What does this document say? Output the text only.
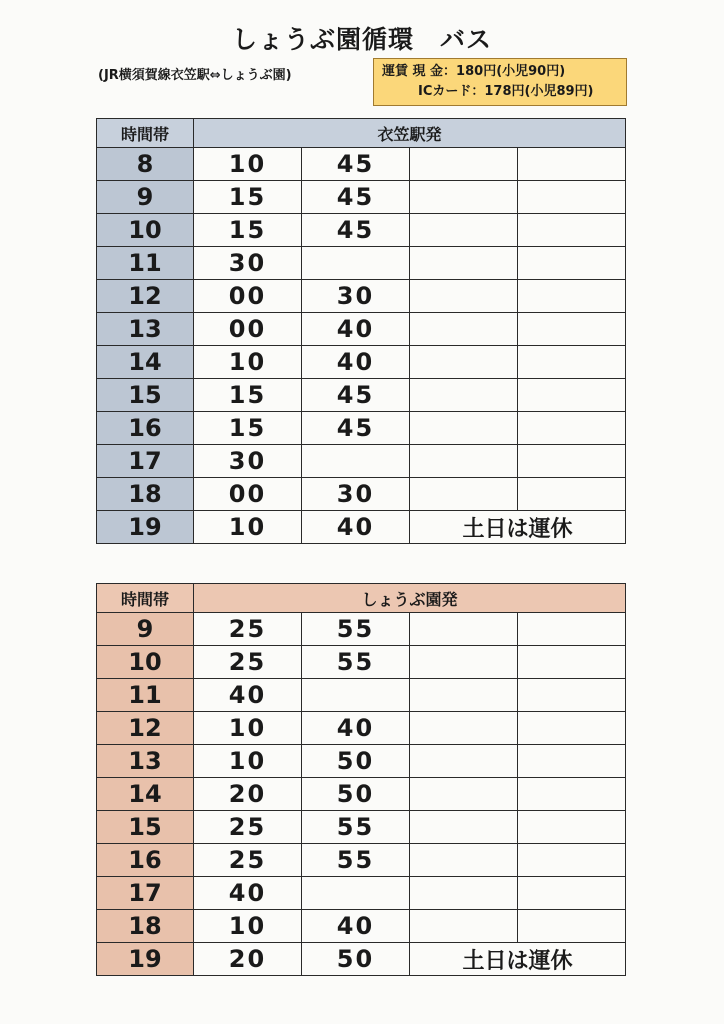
しょうぶ園循環　バス
(JR横須賀線衣笠駅⇔しょうぶ園)	運賃 現 金：180円(小児90円)
ICカード：178円(小児89円)
時間帯	衣笠駅発			
8	10	45		
9	15	45		
10	15	45		
11	30			
12	00	30		
13	00	40		
14	10	40		
15	15	45		
16	15	45		
17	30			
18	00	30		
19	10	40	土日は運休	
時間帯	しょうぶ園発			
9	25	55		
10	25	55		
11	40			
12	10	40		
13	10	50		
14	20	50		
15	25	55		
16	25	55		
17	40			
18	10	40		
19	20	50	土日は運休	
